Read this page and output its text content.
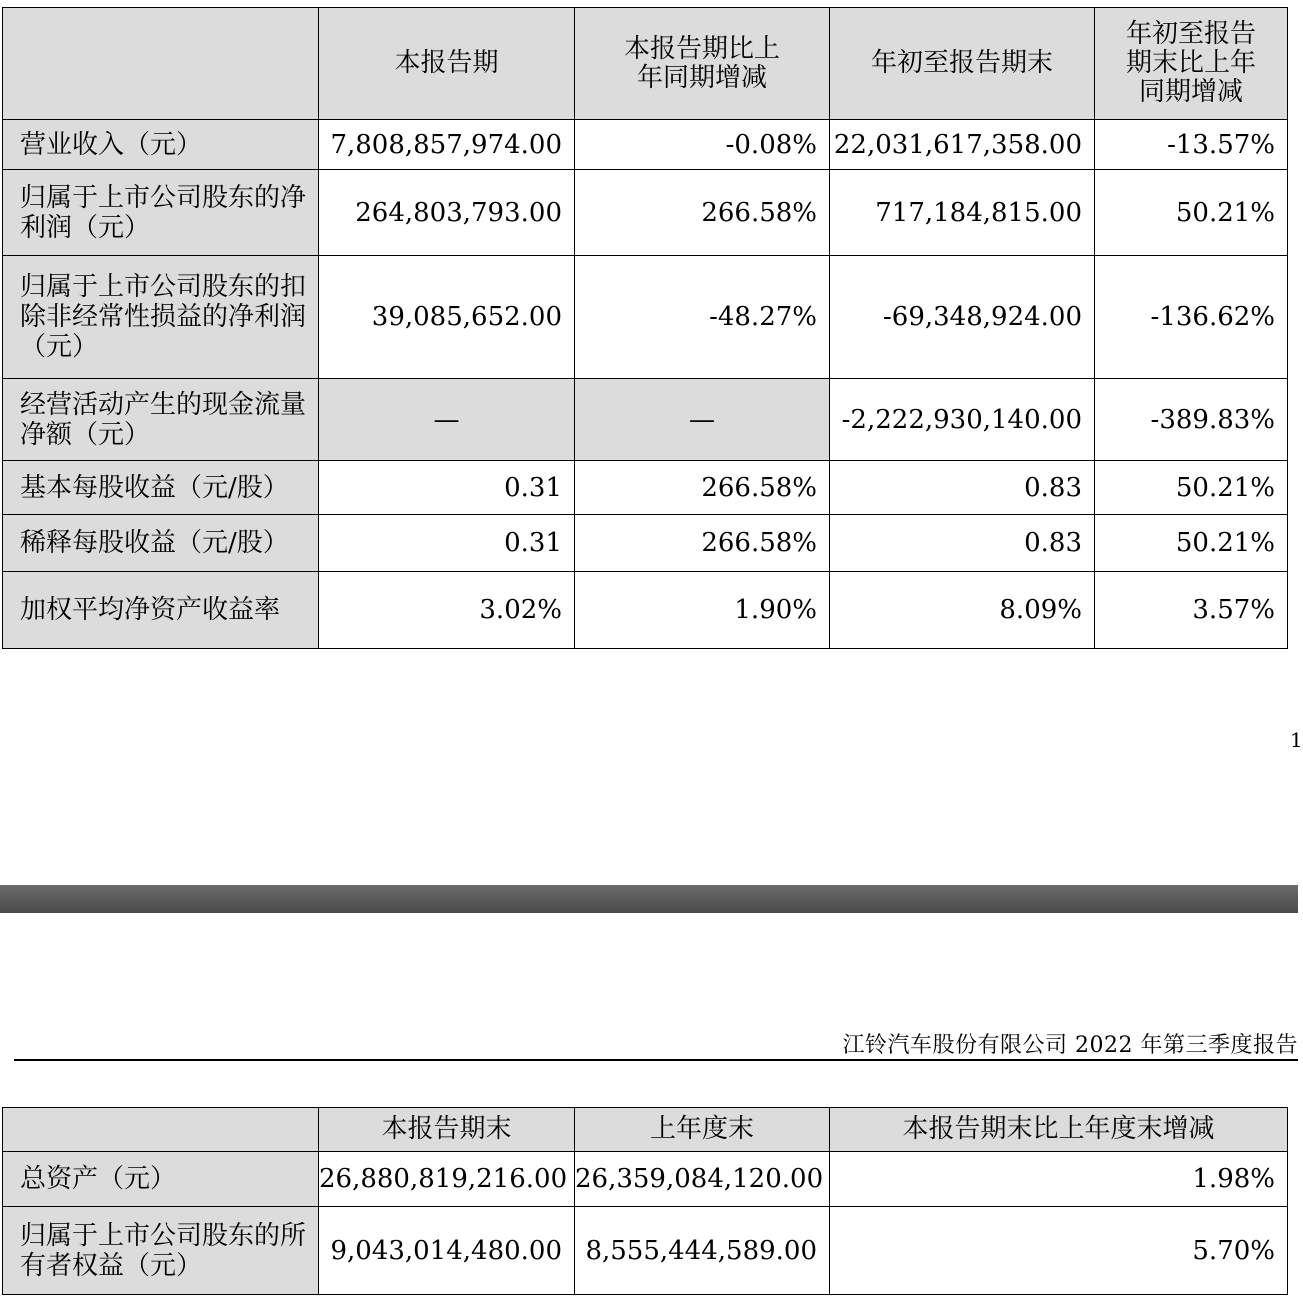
	本报告期	本报告期比上年同期增减	年初至报告期末	年初至报告期末比上年同期增减
营业收入（元）	7,808,857,974.00	-0.08%	22,031,617,358.00	-13.57%
归属于上市公司股东的净利润（元）	264,803,793.00	266.58%	717,184,815.00	50.21%
归属于上市公司股东的扣除非经常性损益的净利润（元）	39,085,652.00	-48.27%	-69,348,924.00	-136.62%
经营活动产生的现金流量净额（元）	—	—	-2,222,930,140.00	-389.83%
基本每股收益（元/股）	0.31	266.58%	0.83	50.21%
稀释每股收益（元/股）	0.31	266.58%	0.83	50.21%
加权平均净资产收益率	3.02%	1.90%	8.09%	3.57%
1
江铃汽车股份有限公司 2022 年第三季度报告
	本报告期末	上年度末	本报告期末比上年度末增减
总资产（元）	26,880,819,216.00	26,359,084,120.00	1.98%
归属于上市公司股东的所有者权益（元）	9,043,014,480.00	8,555,444,589.00	5.70%
